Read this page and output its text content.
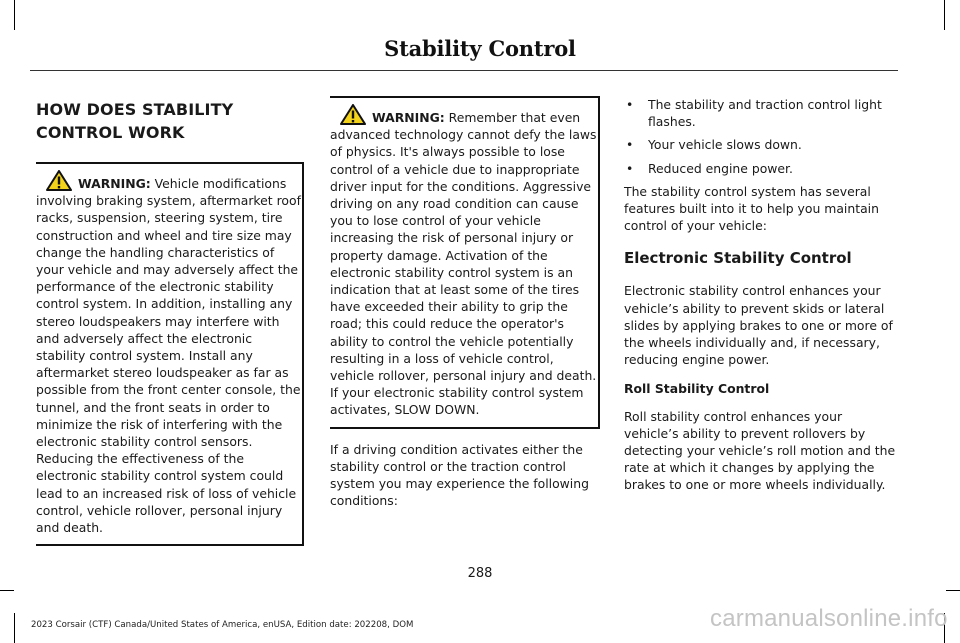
Stability Control
HOW DOES STABILITY CONTROL WORK

WARNING: Vehicle modifications involving braking system, aftermarket roof racks, suspension, steering system, tire construction and wheel and tire size may change the handling characteristics of your vehicle and may adversely affect the performance of the electronic stability control system. In addition, installing any stereo loudspeakers may interfere with and adversely affect the electronic stability control system. Install any aftermarket stereo loudspeaker as far as possible from the front center console, the tunnel, and the front seats in order to minimize the risk of interfering with the electronic stability control sensors. Reducing the effectiveness of the electronic stability control system could lead to an increased risk of loss of vehicle control, vehicle rollover, personal injury and death.

WARNING: Remember that even advanced technology cannot defy the laws of physics. It's always possible to lose control of a vehicle due to inappropriate driver input for the conditions. Aggressive driving on any road condition can cause you to lose control of your vehicle increasing the risk of personal injury or property damage. Activation of the electronic stability control system is an indication that at least some of the tires have exceeded their ability to grip the road; this could reduce the operator's ability to control the vehicle potentially resulting in a loss of vehicle control, vehicle rollover, personal injury and death. If your electronic stability control system activates, SLOW DOWN.

If a driving condition activates either the stability control or the traction control system you may experience the following conditions:

• The stability and traction control light flashes.
• Your vehicle slows down.
• Reduced engine power.

The stability control system has several features built into it to help you maintain control of your vehicle:

Electronic Stability Control

Electronic stability control enhances your vehicle’s ability to prevent skids or lateral slides by applying brakes to one or more of the wheels individually and, if necessary, reducing engine power.

Roll Stability Control

Roll stability control enhances your vehicle’s ability to prevent rollovers by detecting your vehicle’s roll motion and the rate at which it changes by applying the brakes to one or more wheels individually.

288
2023 Corsair (CTF) Canada/United States of America, enUSA, Edition date: 202208, DOM	carmanualsonline.info
